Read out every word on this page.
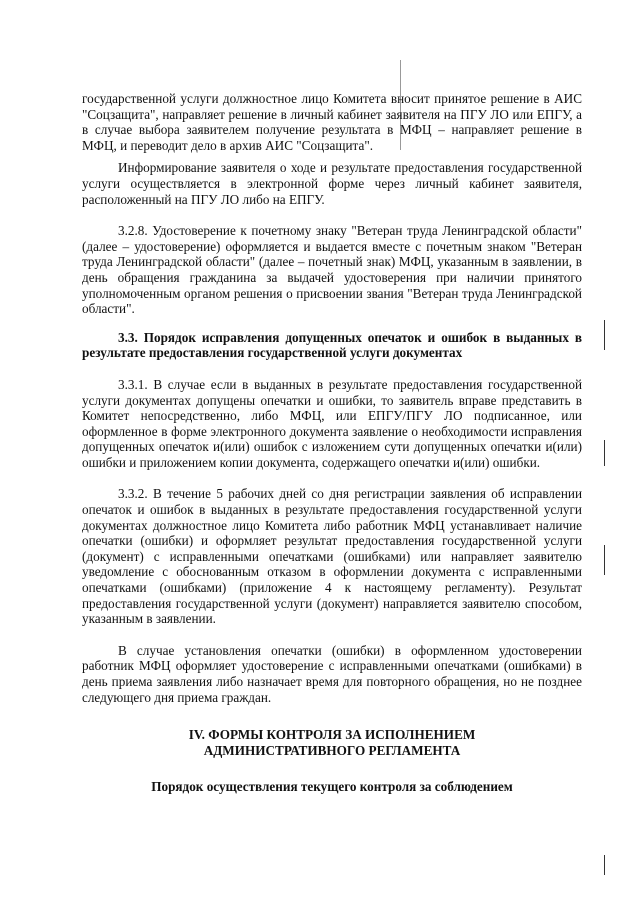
государственной услуги должностное лицо Комитета вносит принятое решение в АИС "Соцзащита", направляет решение в личный кабинет заявителя на ПГУ ЛО или ЕПГУ, а в случае выбора заявителем получение результата в МФЦ – направляет решение в МФЦ, и переводит дело в архив АИС "Соцзащита".

Информирование заявителя о ходе и результате предоставления государственной услуги осуществляется в электронной форме через личный кабинет заявителя, расположенный на ПГУ ЛО либо на ЕПГУ.

3.2.8. Удостоверение к почетному знаку "Ветеран труда Ленинградской области" (далее – удостоверение) оформляется и выдается вместе с почетным знаком "Ветеран труда Ленинградской области" (далее – почетный знак) МФЦ, указанным в заявлении, в день обращения гражданина за выдачей удостоверения при наличии принятого уполномоченным органом решения о присвоении звания "Ветеран труда Ленинградской области".

3.3. Порядок исправления допущенных опечаток и ошибок в выданных в результате предоставления государственной услуги документах

3.3.1. В случае если в выданных в результате предоставления государственной услуги документах допущены опечатки и ошибки, то заявитель вправе представить в Комитет непосредственно, либо МФЦ, или ЕПГУ/ПГУ ЛО подписанное, или оформленное в форме электронного документа заявление о необходимости исправления допущенных опечаток и(или) ошибок с изложением сути допущенных опечатки и(или) ошибки и приложением копии документа, содержащего опечатки и(или) ошибки.

3.3.2. В течение 5 рабочих дней со дня регистрации заявления об исправлении опечаток и ошибок в выданных в результате предоставления государственной услуги документах должностное лицо Комитета либо работник МФЦ устанавливает наличие опечатки (ошибки) и оформляет результат предоставления государственной услуги (документ) с исправленными опечатками (ошибками) или направляет заявителю уведомление с обоснованным отказом в оформлении документа с исправленными опечатками (ошибками) (приложение 4 к настоящему регламенту). Результат предоставления государственной услуги (документ) направляется заявителю способом, указанным в заявлении.

В случае установления опечатки (ошибки) в оформленном удостоверении работник МФЦ оформляет удостоверение с исправленными опечатками (ошибками) в день приема заявления либо назначает время для повторного обращения, но не позднее следующего дня приема граждан.

IV. ФОРМЫ КОНТРОЛЯ ЗА ИСПОЛНЕНИЕМ

АДМИНИСТРАТИВНОГО РЕГЛАМЕНТА

Порядок осуществления текущего контроля за соблюдением
